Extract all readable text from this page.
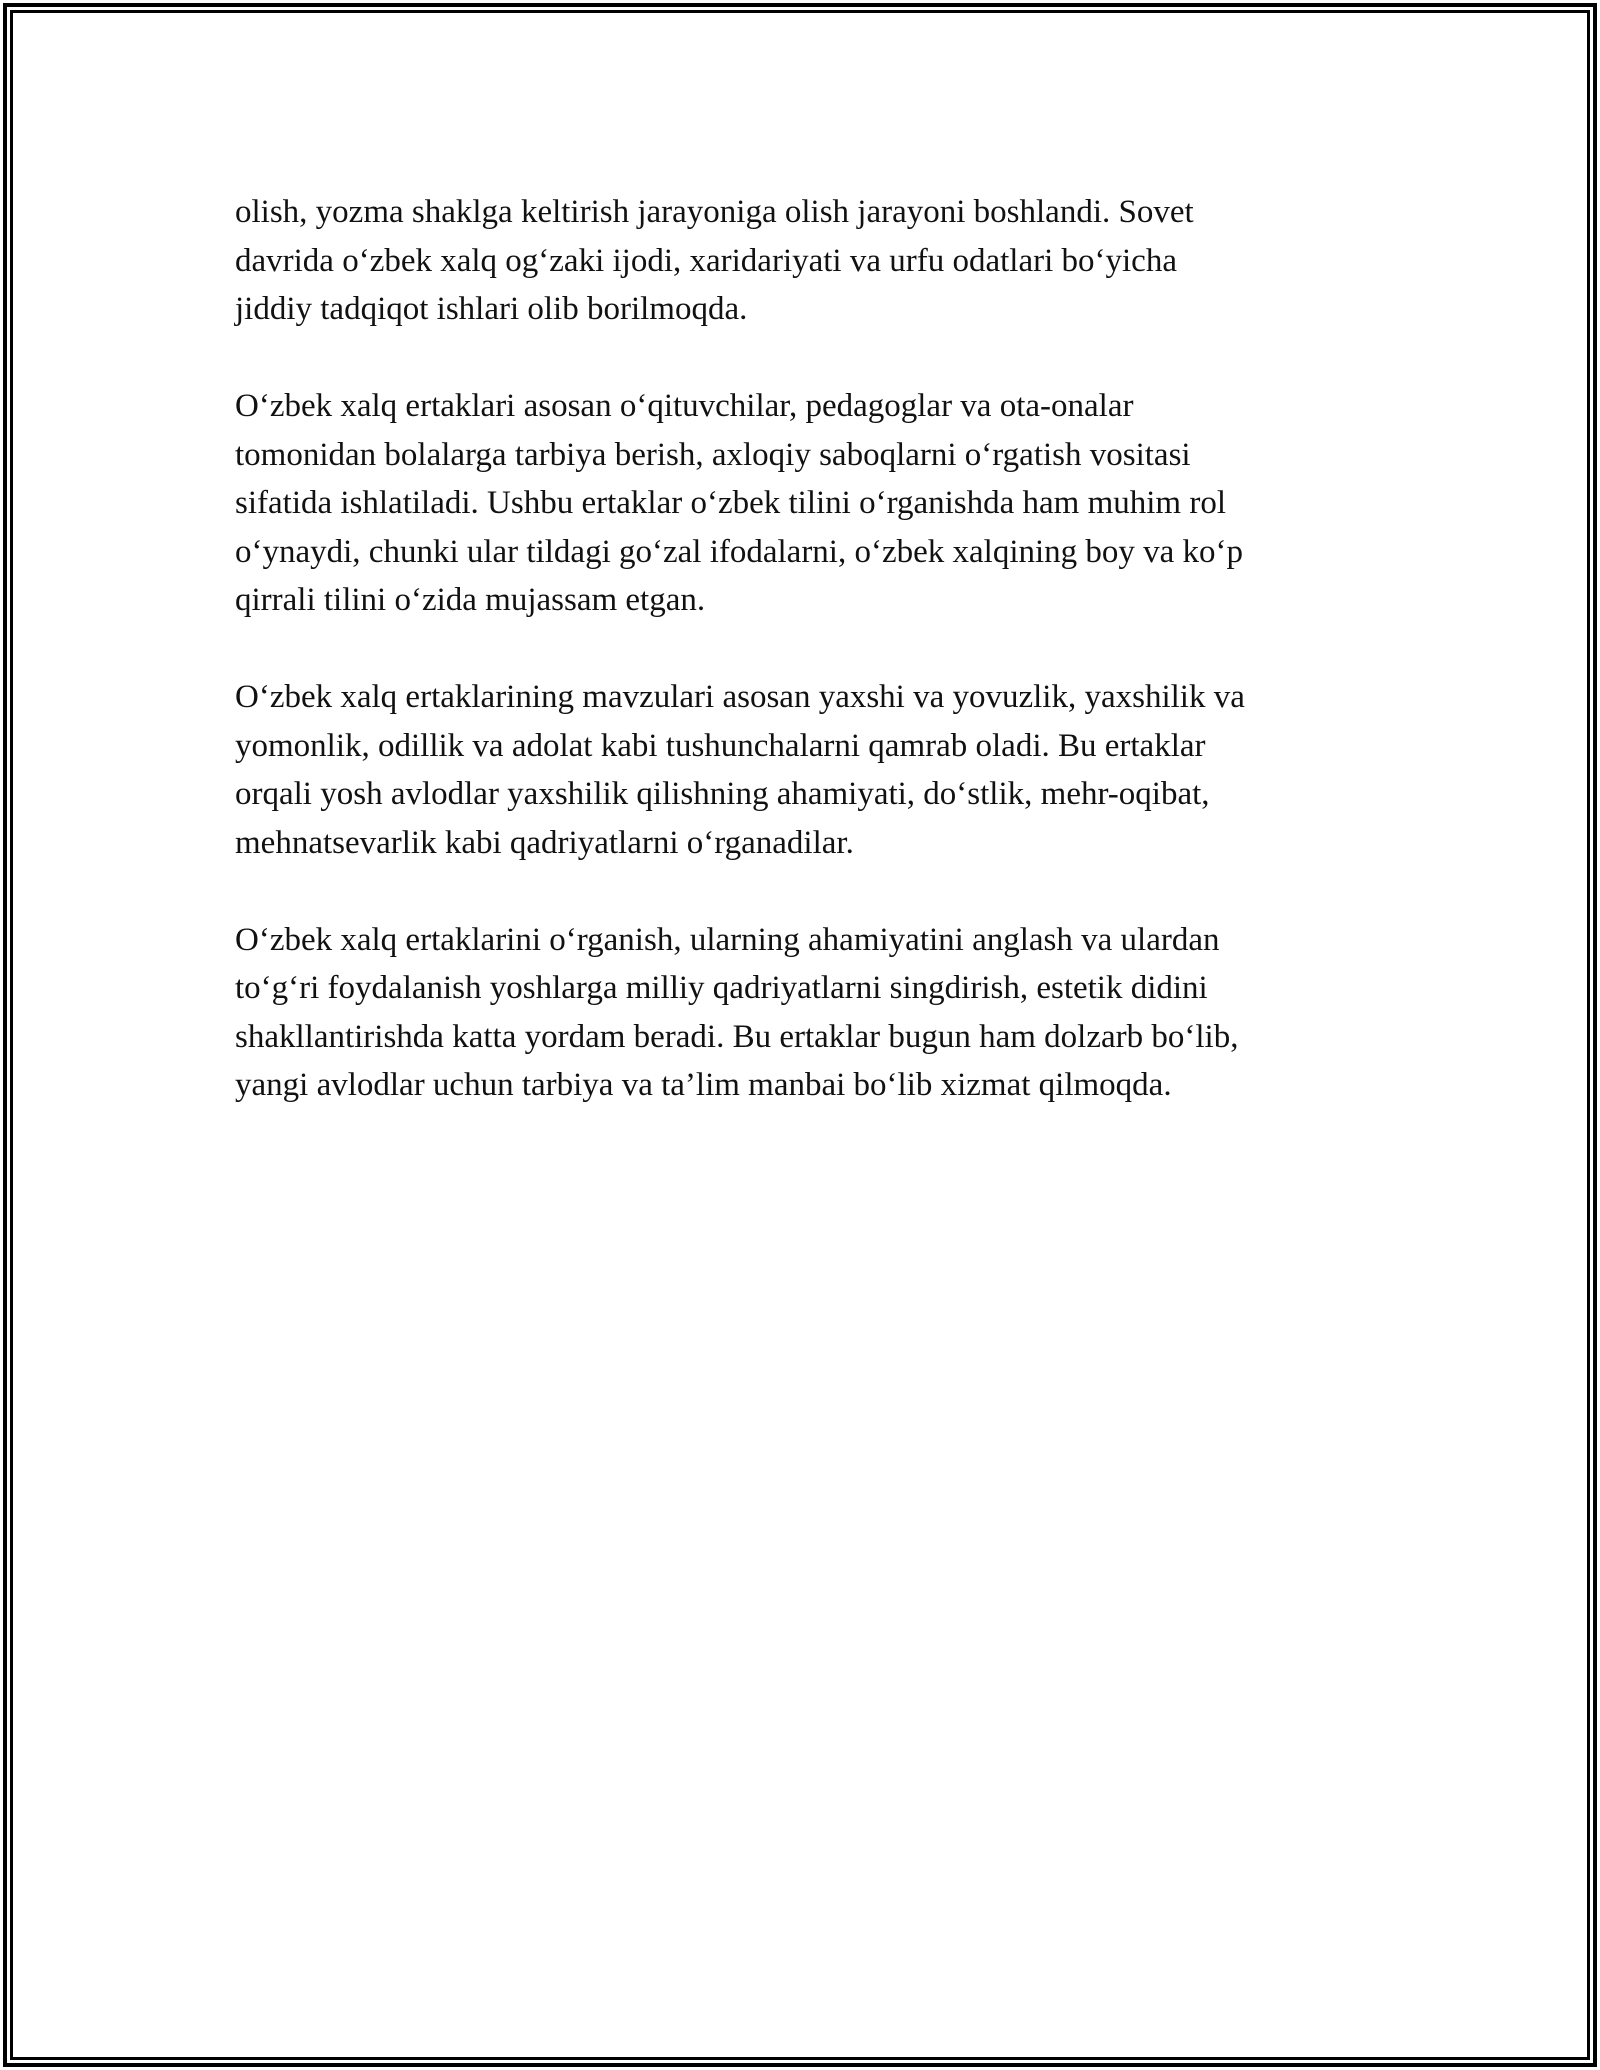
olish, yozma shaklga keltirish jarayoniga olish jarayoni boshlandi. Sovet
davrida o‘zbek xalq og‘zaki ijodi, xaridariyati va urfu odatlari bo‘yicha
jiddiy tadqiqot ishlari olib borilmoqda.

O‘zbek xalq ertaklari asosan o‘qituvchilar, pedagoglar va ota-onalar
tomonidan bolalarga tarbiya berish, axloqiy saboqlarni o‘rgatish vositasi
sifatida ishlatiladi. Ushbu ertaklar o‘zbek tilini o‘rganishda ham muhim rol
o‘ynaydi, chunki ular tildagi go‘zal ifodalarni, o‘zbek xalqining boy va ko‘p
qirrali tilini o‘zida mujassam etgan.

O‘zbek xalq ertaklarining mavzulari asosan yaxshi va yovuzlik, yaxshilik va
yomonlik, odillik va adolat kabi tushunchalarni qamrab oladi. Bu ertaklar
orqali yosh avlodlar yaxshilik qilishning ahamiyati, do‘stlik, mehr-oqibat,
mehnatsevarlik kabi qadriyatlarni o‘rganadilar.

O‘zbek xalq ertaklarini o‘rganish, ularning ahamiyatini anglash va ulardan
to‘g‘ri foydalanish yoshlarga milliy qadriyatlarni singdirish, estetik didini
shakllantirishda katta yordam beradi. Bu ertaklar bugun ham dolzarb bo‘lib,
yangi avlodlar uchun tarbiya va ta’lim manbai bo‘lib xizmat qilmoqda.
